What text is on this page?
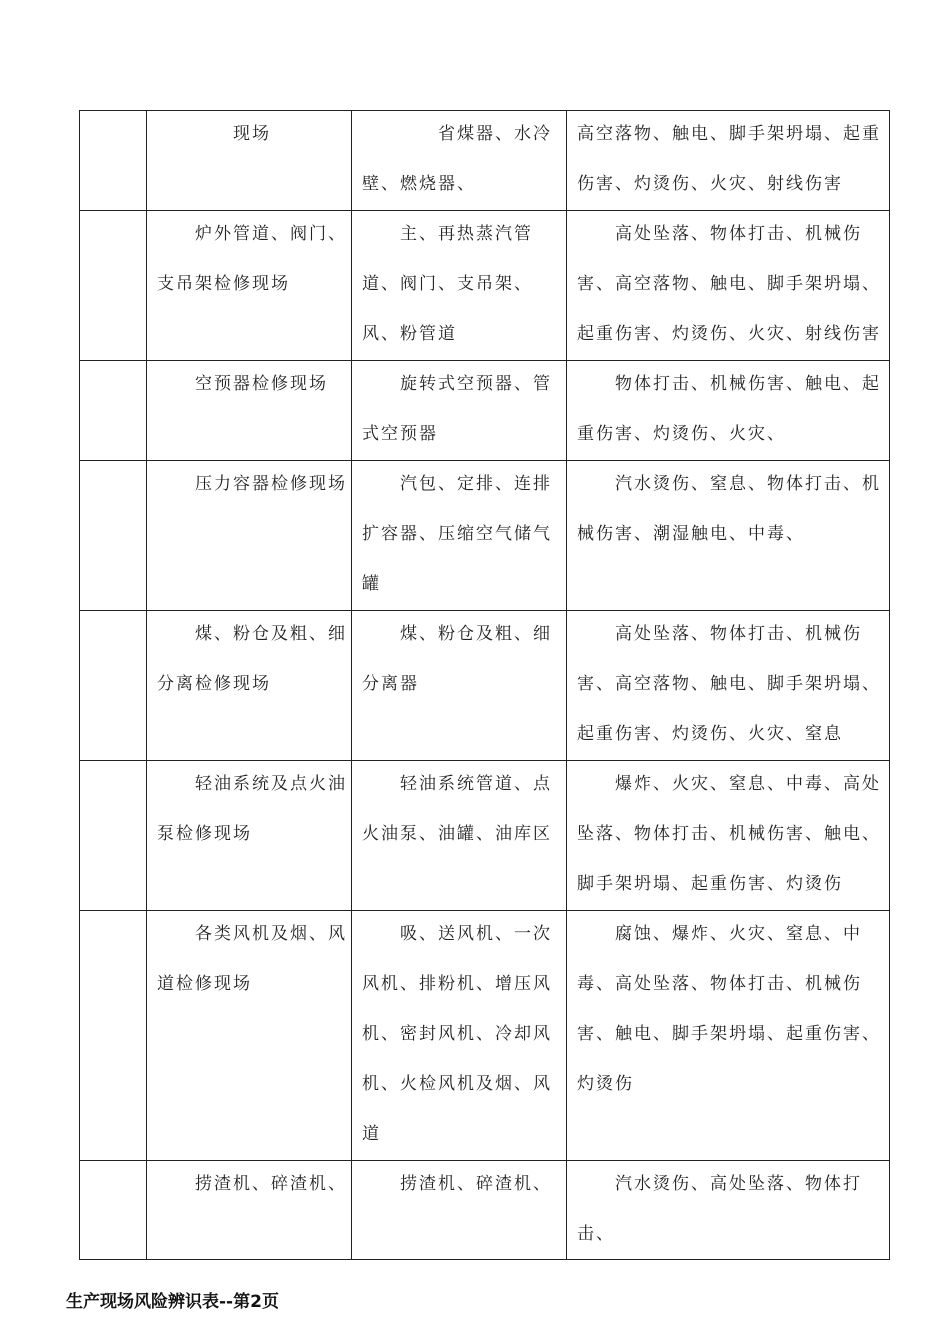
	　　　　现场	　　　　省煤器、水冷壁、燃烧器、	高空落物、触电、脚手架坍塌、起重伤害、灼烫伤、火灾、射线伤害

	　　炉外管道、阀门、支吊架检修现场	　　主、再热蒸汽管道、阀门、支吊架、风、粉管道	　　高处坠落、物体打击、机械伤害、高空落物、触电、脚手架坍塌、起重伤害、灼烫伤、火灾、射线伤害

	　　空预器检修现场	　　旋转式空预器、管式空预器	　　物体打击、机械伤害、触电、起重伤害、灼烫伤、火灾、

	　　压力容器检修现场	　　汽包、定排、连排扩容器、压缩空气储气罐	　　汽水烫伤、窒息、物体打击、机械伤害、潮湿触电、中毒、

	　　煤、粉仓及粗、细分离检修现场	　　煤、粉仓及粗、细分离器	　　高处坠落、物体打击、机械伤害、高空落物、触电、脚手架坍塌、起重伤害、灼烫伤、火灾、窒息

	　　轻油系统及点火油泵检修现场	　　轻油系统管道、点火油泵、油罐、油库区	　　爆炸、火灾、窒息、中毒、高处坠落、物体打击、机械伤害、触电、脚手架坍塌、起重伤害、灼烫伤

	　　各类风机及烟、风道检修现场	　　吸、送风机、一次风机、排粉机、增压风机、密封风机、冷却风机、火检风机及烟、风道	　　腐蚀、爆炸、火灾、窒息、中毒、高处坠落、物体打击、机械伤害、触电、脚手架坍塌、起重伤害、灼烫伤

	　　捞渣机、碎渣机、	　　捞渣机、碎渣机、	　　汽水烫伤、高处坠落、物体打击、
生产现场风险辨识表--第2页
